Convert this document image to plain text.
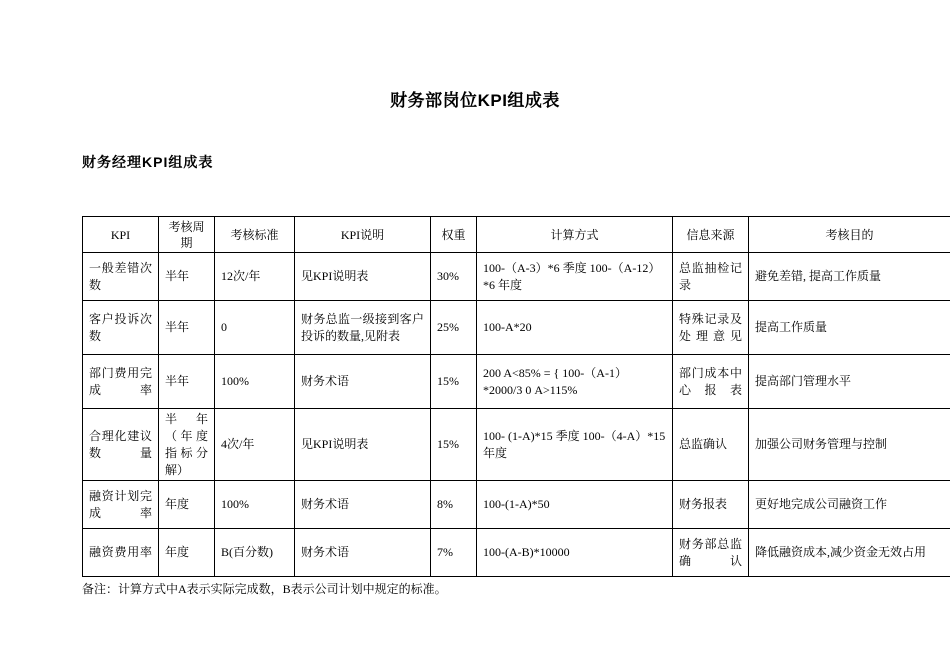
财务部岗位KPI组成表
财务经理KPI组成表
KPI	考核周期	考核标准	KPI说明	权重	计算方式	信息来源	考核目的
一般差错次数	半年	12次/年	见KPI说明表	30%	100-（A-3）*6 季度 100-（A-12）*6 年度	总监抽检记录	避免差错, 提高工作质量
客户投诉次数	半年	0	财务总监一级接到客户投诉的数量,见附表	25%	100-A*20	特殊记录及处理意见	提高工作质量
部门费用完成率	半年	100%	财务术语	15%	200 A<85% = { 100-（A-1）*2000/3 0 A>115%	部门成本中心报表	提高部门管理水平
合理化建议数量	半年（年度指标分解）	4次/年	见KPI说明表	15%	100- (1-A)*15 季度 100-（4-A）*15 年度	总监确认	加强公司财务管理与控制
融资计划完成率	年度	100%	财务术语	8%	100-(1-A)*50	财务报表	更好地完成公司融资工作
融资费用率	年度	B(百分数)	财务术语	7%	100-(A-B)*10000	财务部总监确认	降低融资成本,减少资金无效占用
备注：计算方式中A表示实际完成数，B表示公司计划中规定的标准。
